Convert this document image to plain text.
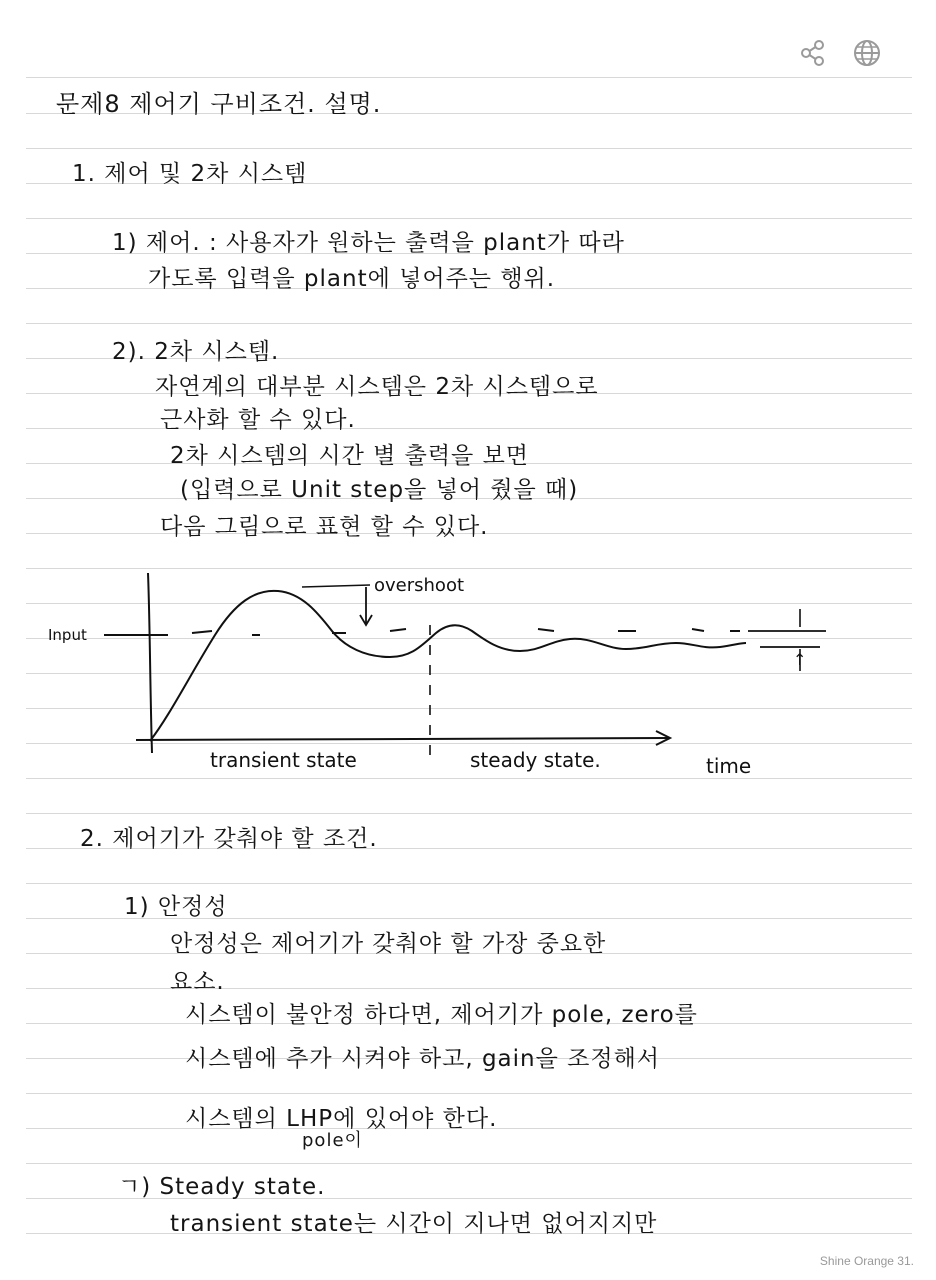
문제8 제어기 구비조건. 설명.
1. 제어 및 2차 시스템
1) 제어. : 사용자가 원하는 출력을 plant가 따라
가도록 입력을 plant에 넣어주는 행위.
2). 2차 시스템.
자연계의 대부분 시스템은 2차 시스템으로
근사화 할 수 있다.
2차 시스템의 시간 별 출력을 보면
(입력으로 Unit step을 넣어 줬을 때)
다음 그림으로 표현 할 수 있다.
Input
overshoot
↑
transient state	steady state.	time
2. 제어기가 갖춰야 할 조건.
1) 안정성
안정성은 제어기가 갖춰야 할 가장 중요한
요소.
시스템이 불안정 하다면, 제어기가 pole, zero를
시스템에 추가 시켜야 하고, gain을 조정해서
시스템의 LHP에 있어야 한다.
pole이
ㄱ) Steady state.
transient state는 시간이 지나면 없어지지만
Shine Orange 31.
